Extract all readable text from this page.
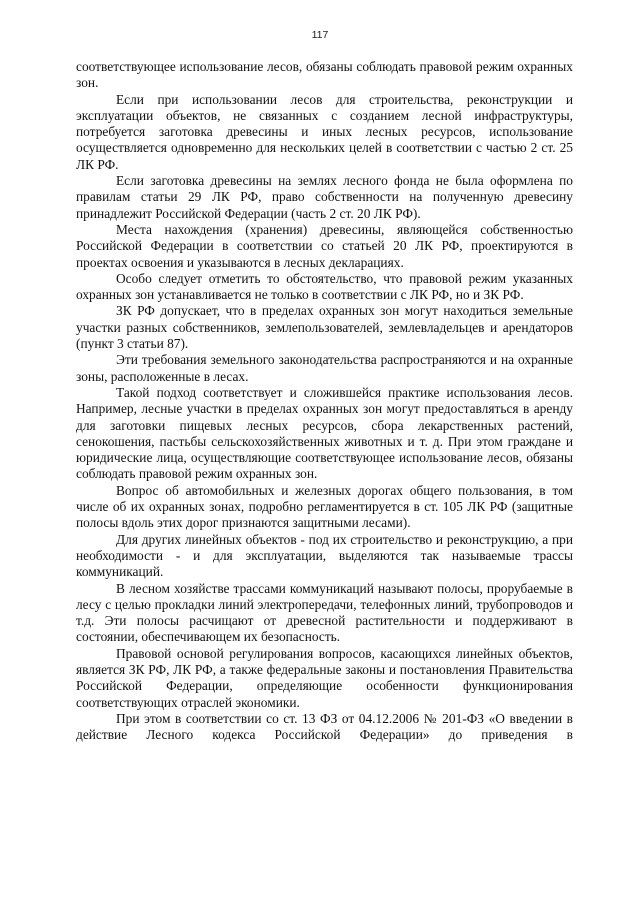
117

соответствующее использование лесов, обязаны соблюдать правовой режим охранных зон.

Если при использовании лесов для строительства, реконструкции и эксплуатации объектов, не связанных с созданием лесной инфраструктуры, потребуется заготовка древесины и иных лесных ресурсов, использование осуществляется одновременно для нескольких целей в соответствии с частью 2 ст. 25 ЛК РФ.

Если заготовка древесины на землях лесного фонда не была оформлена по правилам статьи 29 ЛК РФ, право собственности на полученную древесину принадлежит Российской Федерации (часть 2 ст. 20 ЛК РФ).

Места нахождения (хранения) древесины, являющейся собственностью Российской Федерации в соответствии со статьей 20 ЛК РФ, проектируются в проектах освоения и указываются в лесных декларациях.

Особо следует отметить то обстоятельство, что правовой режим указанных охранных зон устанавливается не только в соответствии с ЛК РФ, но и ЗК РФ.

ЗК РФ допускает, что в пределах охранных зон могут находиться земельные участки разных собственников, землепользователей, землевладельцев и арендаторов (пункт 3 статьи 87).

Эти требования земельного законодательства распространяются и на охранные зоны, расположенные в лесах.

Такой подход соответствует и сложившейся практике использования лесов. Например, лесные участки в пределах охранных зон могут предоставляться в аренду для заготовки пищевых лесных ресурсов, сбора лекарственных растений, сенокошения, пастьбы сельскохозяйственных животных и т. д. При этом граждане и юридические лица, осуществляющие соответствующее использование лесов, обязаны соблюдать правовой режим охранных зон.

Вопрос об автомобильных и железных дорогах общего пользования, в том числе об их охранных зонах, подробно регламентируется в ст. 105 ЛК РФ (защитные полосы вдоль этих дорог признаются защитными лесами).

Для других линейных объектов - под их строительство и реконструкцию, а при необходимости - и для эксплуатации, выделяются так называемые трассы коммуникаций.

В лесном хозяйстве трассами коммуникаций называют полосы, прорубаемые в лесу с целью прокладки линий электропередачи, телефонных линий, трубопроводов и т.д. Эти полосы расчищают от древесной растительности и поддерживают в состоянии, обеспечивающем их безопасность.

Правовой основой регулирования вопросов, касающихся линейных объектов, является ЗК РФ, ЛК РФ, а также федеральные законы и постановления Правительства Российской Федерации, определяющие особенности функционирования соответствующих отраслей экономики.

При этом в соответствии со ст. 13 ФЗ от 04.12.2006 № 201-ФЗ «О введении в действие Лесного кодекса Российской Федерации» до приведения в
